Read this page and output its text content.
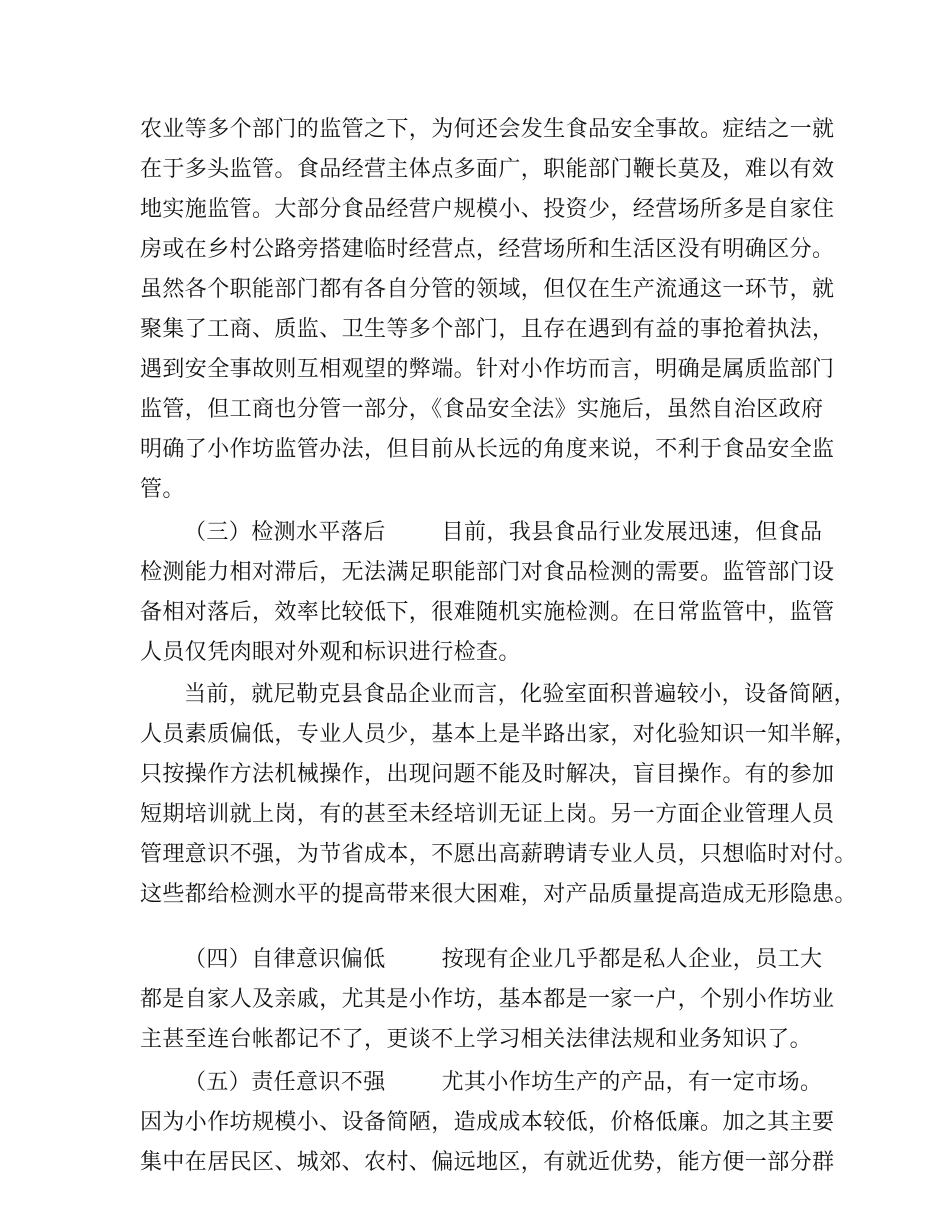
农业等多个部门的监管之下，为何还会发生食品安全事故。症结之一就
在于多头监管。食品经营主体点多面广，职能部门鞭长莫及，难以有效
地实施监管。大部分食品经营户规模小、投资少，经营场所多是自家住
房或在乡村公路旁搭建临时经营点，经营场所和生活区没有明确区分。
虽然各个职能部门都有各自分管的领域，但仅在生产流通这一环节，就
聚集了工商、质监、卫生等多个部门，且存在遇到有益的事抢着执法，
遇到安全事故则互相观望的弊端。针对小作坊而言，明确是属质监部门
监管，但工商也分管一部分，《食品安全法》实施后，虽然自治区政府
明确了小作坊监管办法，但目前从长远的角度来说，不利于食品安全监
管。
（三）检测水平落后	目前，我县食品行业发展迅速，但食品
检测能力相对滞后，无法满足职能部门对食品检测的需要。监管部门设
备相对落后，效率比较低下，很难随机实施检测。在日常监管中，监管
人员仅凭肉眼对外观和标识进行检查。
当前，就尼勒克县食品企业而言，化验室面积普遍较小，设备简陋，
人员素质偏低，专业人员少，基本上是半路出家，对化验知识一知半解，
只按操作方法机械操作，出现问题不能及时解决，盲目操作。有的参加
短期培训就上岗，有的甚至未经培训无证上岗。另一方面企业管理人员
管理意识不强，为节省成本，不愿出高薪聘请专业人员，只想临时对付。
这些都给检测水平的提高带来很大困难，对产品质量提高造成无形隐患。
（四）自律意识偏低	按现有企业几乎都是私人企业，员工大
都是自家人及亲戚，尤其是小作坊，基本都是一家一户，个别小作坊业
主甚至连台帐都记不了，更谈不上学习相关法律法规和业务知识了。
（五）责任意识不强	尤其小作坊生产的产品，有一定市场。
因为小作坊规模小、设备简陋，造成成本较低，价格低廉。加之其主要
集中在居民区、城郊、农村、偏远地区，有就近优势，能方便一部分群
